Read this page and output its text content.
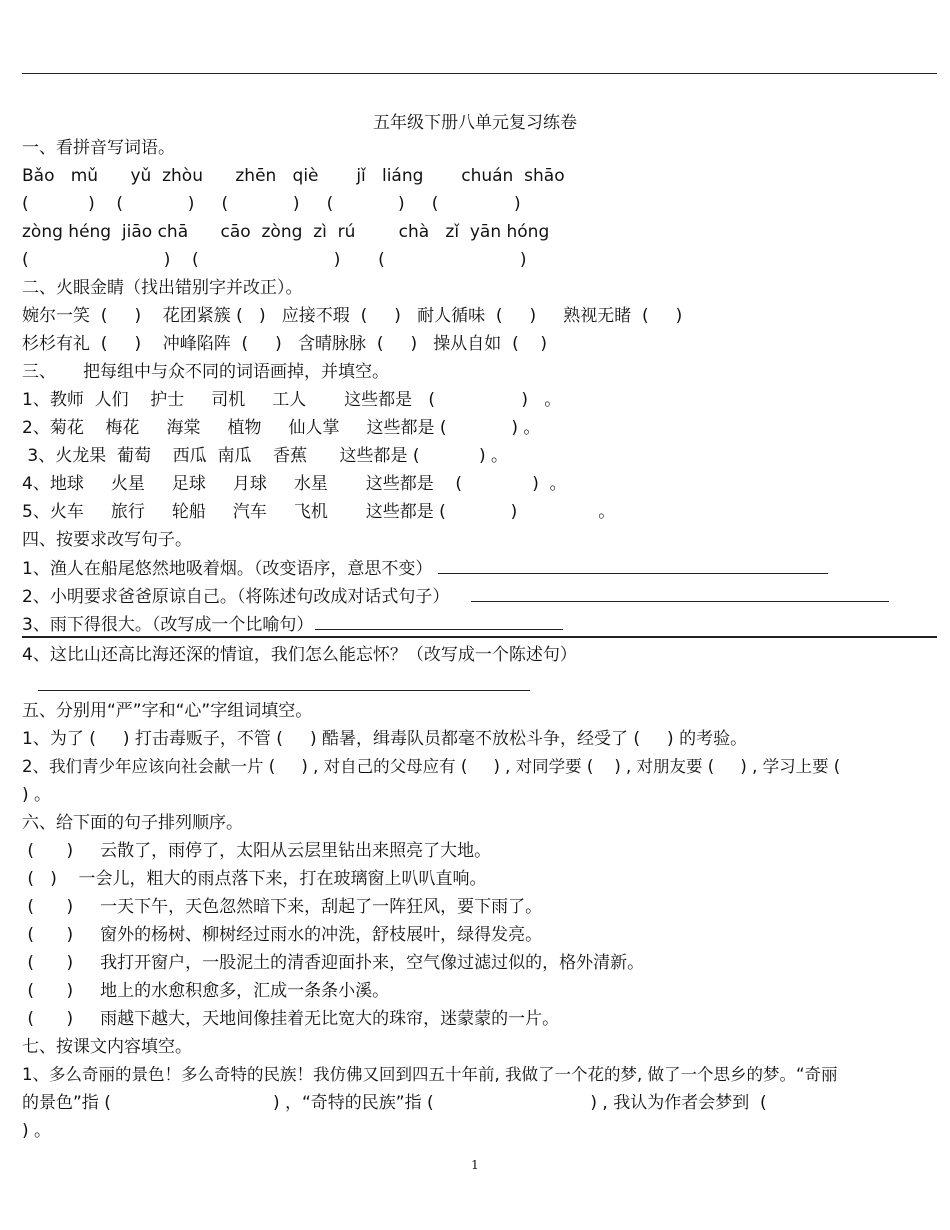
五年级下册八单元复习练卷
一、看拼音写词语。
Bǎo   mǔ      yǔ  zhòu      zhēn   qiè       jǐ   liáng       chuán  shāo
(           )    (            )     (            )     (            )     (              )
zòng héng  jiāo chā      cāo  zòng  zì  rú        chà   zǐ  yān hóng
(                         )    (                         )       (                         )
二、火眼金睛（找出错别字并改正）。
婉尔一笑  (     )    花团紧簇 (   )   应接不瑕  (     )   耐人循味  (     )     熟视无睹  (     )
杉杉有礼  (     )    冲峰陷阵  (     )   含晴脉脉  (     )   操从自如  (    )
三、     把每组中与众不同的词语画掉，并填空。
1、教师  人们    护士     司机     工人       这些都是   (                )   。
2、菊花    梅花     海棠     植物     仙人掌     这些都是 (            ) 。
3、火龙果  葡萄    西瓜  南瓜    香蕉      这些都是 (           ) 。
4、地球     火星     足球     月球     水星       这些都是    (             )  。
5、火车     旅行     轮船     汽车     飞机       这些都是 (            )               。
四、按要求改写句子。
1、渔人在船尾悠然地吸着烟。（改变语序，意思不变）
2、小明要求爸爸原谅自己。（将陈述句改成对话式句子）
3、雨下得很大。（改写成一个比喻句）
4、这比山还高比海还深的情谊，我们怎么能忘怀？（改写成一个陈述句）
五、分别用“严”字和“心”字组词填空。
1、为了 (     ) 打击毒贩子，不管 (     ) 酷暑，缉毒队员都毫不放松斗争，经受了 (     ) 的考验。
2、我们青少年应该向社会献一片 (     ) , 对自己的父母应有 (     ) , 对同学要 (    ) , 对朋友要 (     ) , 学习上要 (
) 。
六、给下面的句子排列顺序。
(      )     云散了，雨停了，太阳从云层里钻出来照亮了大地。
(   )    一会儿，粗大的雨点落下来，打在玻璃窗上叭叭直响。
(      )     一天下午，天色忽然暗下来，刮起了一阵狂风，要下雨了。
(      )     窗外的杨树、柳树经过雨水的冲洗，舒枝展叶，绿得发亮。
(      )     我打开窗户，一股泥土的清香迎面扑来，空气像过滤过似的，格外清新。
(      )     地上的水愈积愈多，汇成一条条小溪。
(      )     雨越下越大，天地间像挂着无比宽大的珠帘，迷蒙蒙的一片。
七、按课文内容填空。
1、多么奇丽的景色！多么奇特的民族！我仿佛又回到四五十年前, 我做了一个花的梦, 做了一个思乡的梦。“奇丽
的景色”指 (                              ) ，“奇特的民族”指 (                             ) , 我认为作者会梦到  (
) 。
1
